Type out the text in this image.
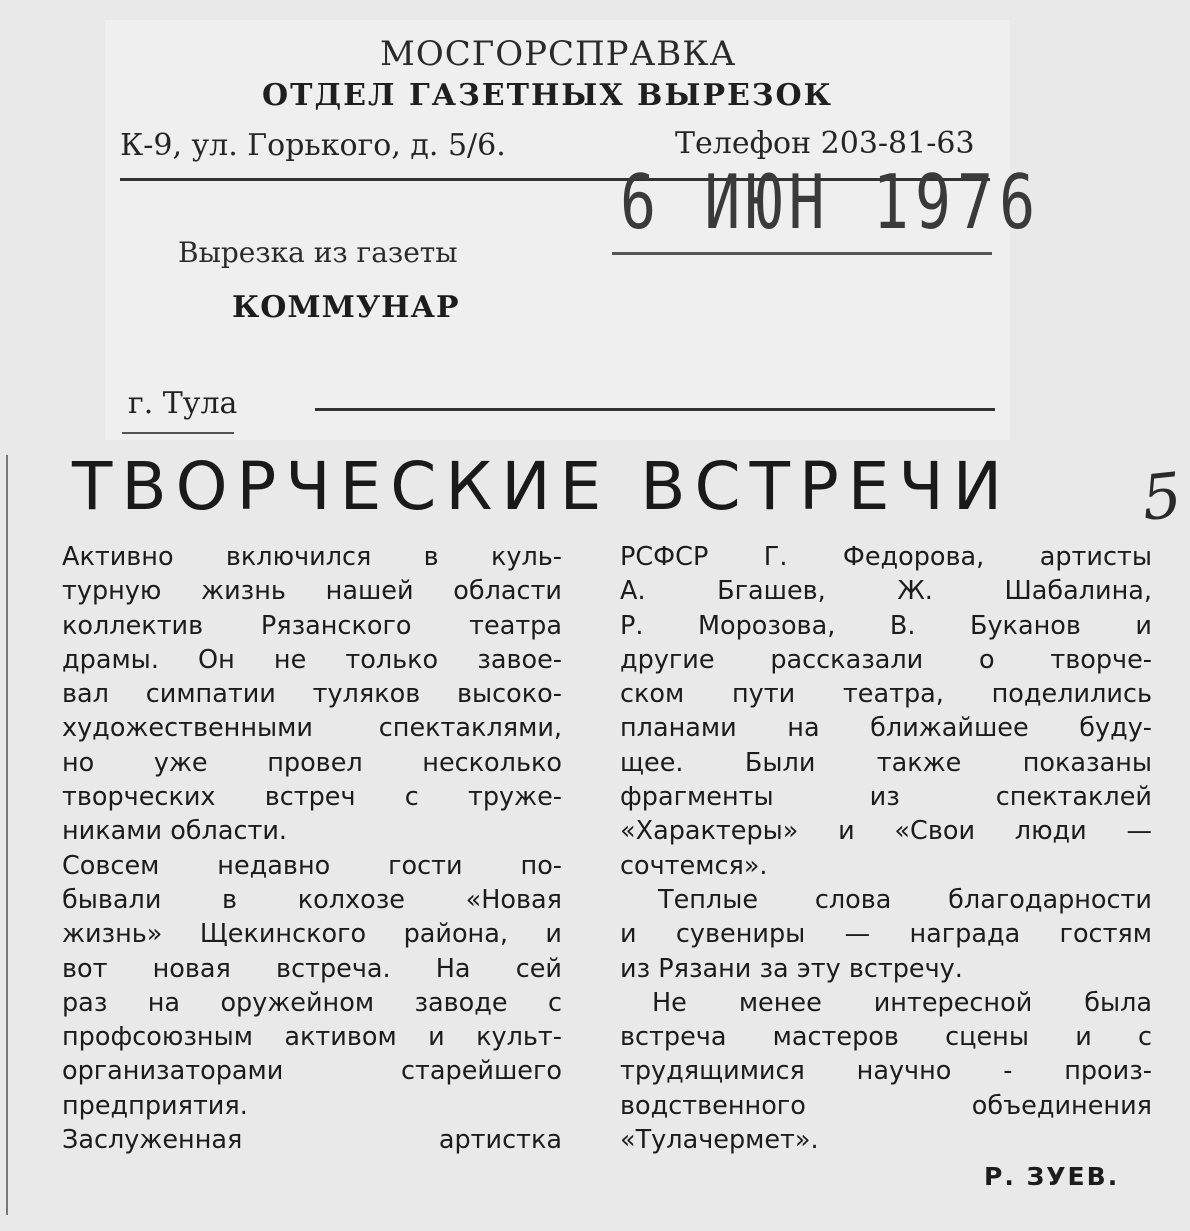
МОСГОРСПРАВКА
ОТДЕЛ ГАЗЕТНЫХ ВЫРЕЗОК
К-9, ул. Горького, д. 5/6.	Телефон 203-81-63
6 ИЮН 1976
Вырезка из газеты
КОММУНАР
г. Тула
ТВОРЧЕСКИЕ ВСТРЕЧИ 5
Активно включился в куль-
турную жизнь нашей области
коллектив Рязанского театра
драмы. Он не только завое-
вал симпатии туляков высоко-
художественными спектаклями,
но уже провел несколько
творческих встреч с труже-
никами области.
Совсем недавно гости по-
бывали в колхозе «Новая
жизнь» Щекинского района, и
вот новая встреча. На сей
раз на оружейном заводе с
профсоюзным активом и культ-
организаторами старейшего
предприятия.
Заслуженная артистка
РСФСР Г. Федорова, артисты
А. Бгашев, Ж. Шабалина,
Р. Морозова, В. Буканов и
другие рассказали о творче-
ском пути театра, поделились
планами на ближайшее буду-
щее. Были также показаны
фрагменты из спектаклей
«Характеры» и «Свои люди —
сочтемся».
Теплые слова благодарности
и сувениры — награда гостям
из Рязани за эту встречу.
Не менее интересной была
встреча мастеров сцены и с
трудящимися научно - произ-
водственного объединения
«Тулачермет».
Р. ЗУЕВ.
